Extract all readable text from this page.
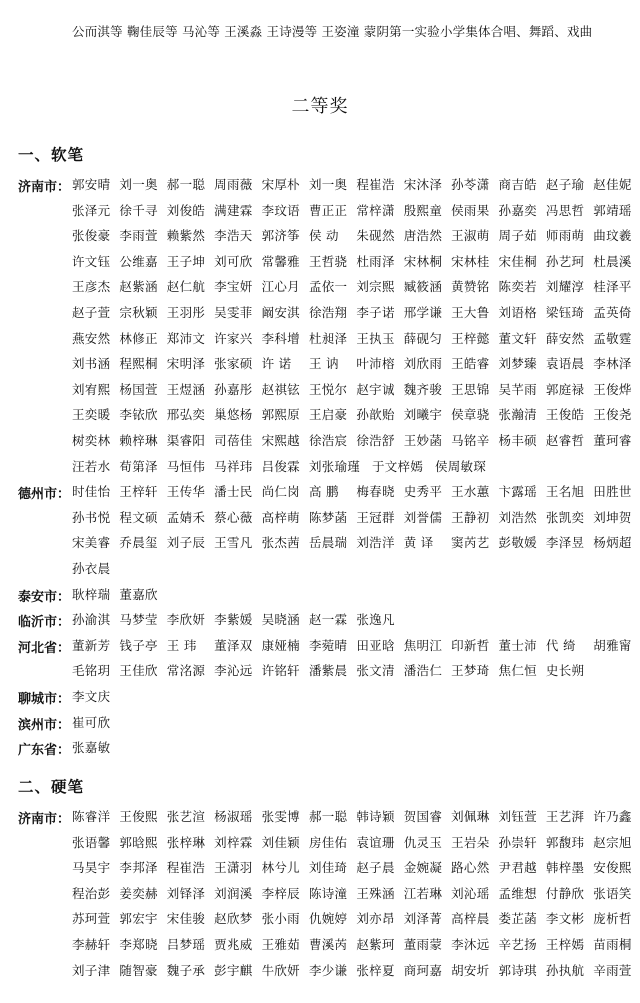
公而淇等 鞠佳辰等 马沁等 王溪淼 王诗漫等 王姿潼 蒙阴第一实验小学集体合唱、舞蹈、戏曲
二等奖
一、软笔
济南市： 郭安晴 刘一奥 郝一聪 周雨薇 宋厚朴 刘一奥 程崔浩 宋沐泽 孙苓潇 商吉皓 赵子瑜 赵佳妮
张泽元 徐千寻 刘俊皓 满建霖 李玟语 曹正正 常梓潇 殷熙童 侯雨果 孙嘉奕 冯思哲 郭靖瑶
张俊豪 李雨萱 赖紫然 李浩天 郭济筝 侯 动 朱砚然 唐浩然 王淑萌 周子茹 师雨萌 曲玟羲
许文钰 公维嘉 王子坤 刘可欣 常馨雅 王哲骁 杜雨泽 宋林桐 宋林桂 宋佳桐 孙艺珂 杜晨溪
王彦杰 赵紫涵 赵仁航 李宝妍 江心月 孟依一 刘宗熙 臧筱涵 黄赞铭 陈奕若 刘耀淳 桂泽平
赵子萱 宗秋颖 王羽彤 吴雯菲 阚安淇 徐浩翔 李子诺 邢学谦 王大鲁 刘语格 梁钰琦 孟英倚
燕安然 林修正 郑沛文 许家兴 李科增 杜昶泽 王执玉 薛砚匀 王梓懿 董文轩 薛安然 孟敬霆
刘书涵 程熙桐 宋明泽 张家硕 许 诺 王 讷 叶沛榕 刘欣雨 王皓睿 刘梦臻 袁语晨 李林泽
刘宥熙 杨国萱 王煜涵 孙嘉彤 赵祺铉 王悦尔 赵宇诚 魏齐骏 王思锦 吴芊雨 郭庭禄 王俊烨
王奕暖 李铱欣 邢弘奕 巢悠杨 郭熙原 王启豪 孙歆贻 刘曦宇 侯章骁 张瀚清 王俊皓 王俊尧
树奕林 赖梓琳 渠睿阳 司蓓佳 宋熙越 徐浩宸 徐浩舒 王妙菡 马铭辛 杨丰硕 赵睿哲 董珂睿
汪若水 荀第泽 马恒伟 马祥玮 吕俊霖 刘张瑜瑾 于文梓嫣 侯周敏琛
德州市： 时佳怡 王梓轩 王传华 潘士民 尚仁岗 高 鹏 梅春晓 史秀平 王水蕙 卞露瑶 王名旭 田胜世
孙书悦 程文硕 孟婧禾 蔡心薇 高梓萌 陈梦菡 王冠群 刘誉儒 王静初 刘浩然 张凯奕 刘坤贺
宋美睿 乔晨玺 刘子辰 王雪凡 张杰茜 岳晨瑞 刘浩洋 黄 译 窦芮艺 彭敬媛 李泽昱 杨炳超
孙衣晨
泰安市： 耿梓瑞 董嘉欣
临沂市： 孙渝淇 马梦莹 李欣妍 李紫媛 吴晓涵 赵一霖 张逸凡
河北省： 董新芳 钱子亭 王 玮 董泽双 康娅楠 李菀晴 田亚晗 焦明江 印新哲 董士沛 代 绮 胡雅甯
毛铭玥 王佳欣 常洺源 李沁远 许铭轩 潘紫晨 张文清 潘浩仁 王梦琦 焦仁恒 史长朔
聊城市： 李文庆
滨州市： 崔可欣
广东省： 张嘉敏
二、硬笔
济南市： 陈睿洋 王俊熙 张艺渲 杨淑瑶 张雯博 郝一聪 韩诗颖 贺国睿 刘佩琳 刘钰萱 王艺湃 许乃鑫
张语馨 郭晗熙 张梓琳 刘梓霖 刘佳颖 房佳佑 袁谊珊 仇灵玉 王岩朵 孙崇轩 郭馥玮 赵宗旭
马昊宇 李邦泽 程崔浩 王潇羽 林兮儿 刘佳琦 赵子晨 金婉凝 路心然 尹君越 韩梓墨 安俊熙
程治彭 姜奕赫 刘铎泽 刘润溪 李梓辰 陈诗潼 王殊涵 江若琳 刘沁瑶 孟维想 付静欣 张语笑
苏珂萱 郭宏宇 宋佳骏 赵欣梦 张小雨 仇婉婷 刘亦昂 刘泽菁 高梓晨 娄芷菡 李文彬 庞析哲
李赫轩 李郑晓 吕梦瑶 贾兆威 王雅茹 曹溪芮 赵紫珂 董雨蒙 李沐远 辛艺扬 王梓嫣 苗雨桐
刘子津 随智豪 魏子承 彭宇麒 牛欣妍 李少谦 张梓夏 商珂嘉 胡安圻 郭诗琪 孙执航 辛雨萱
